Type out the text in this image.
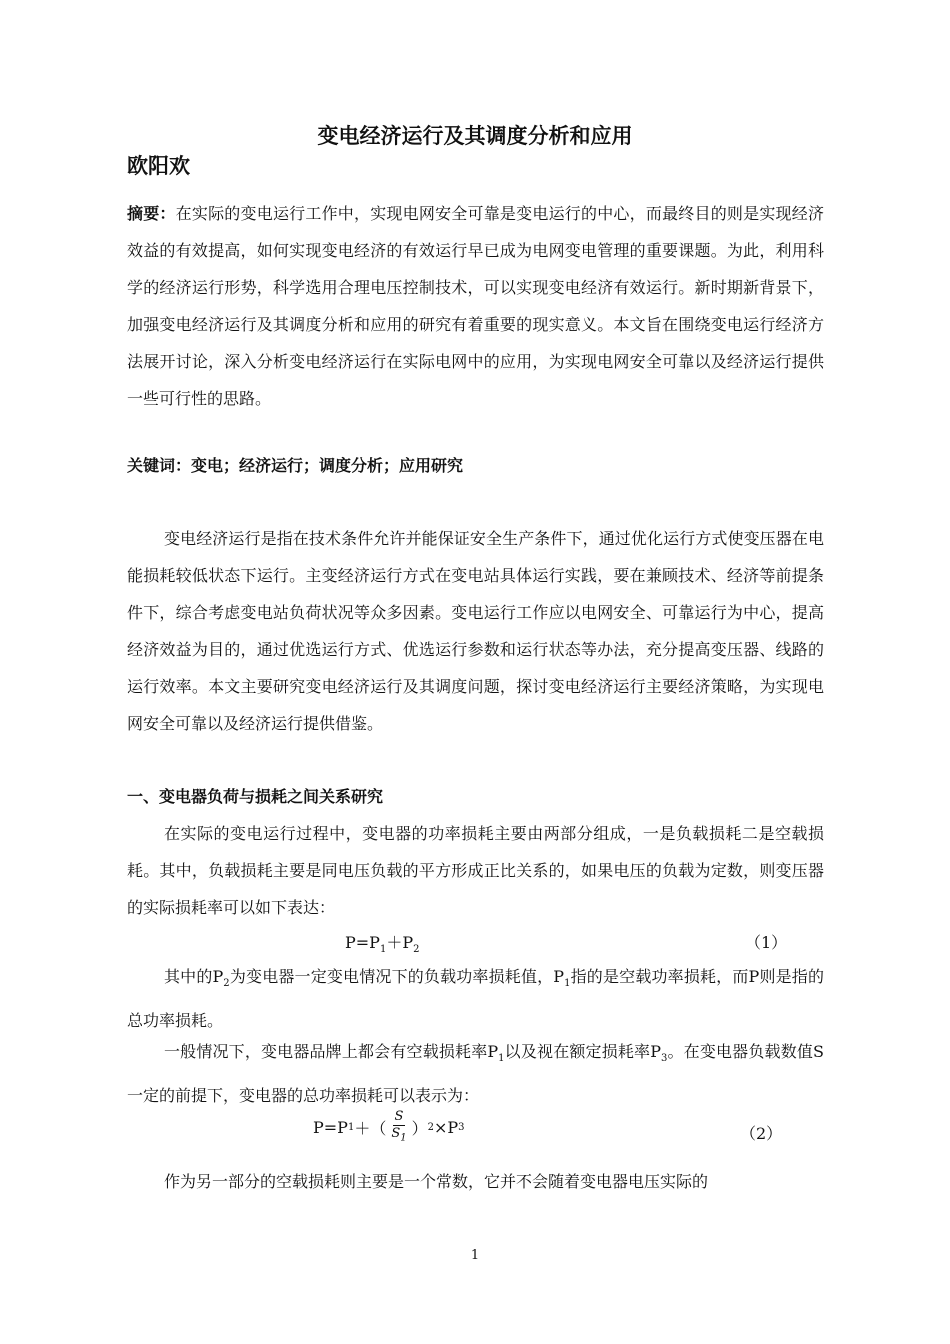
变电经济运行及其调度分析和应用
欧阳欢
摘要：在实际的变电运行工作中，实现电网安全可靠是变电运行的中心，而最终目的则是实现经济效益的有效提高，如何实现变电经济的有效运行早已成为电网变电管理的重要课题。为此，利用科学的经济运行形势，科学选用合理电压控制技术，可以实现变电经济有效运行。新时期新背景下，加强变电经济运行及其调度分析和应用的研究有着重要的现实意义。本文旨在围绕变电运行经济方法展开讨论，深入分析变电经济运行在实际电网中的应用，为实现电网安全可靠以及经济运行提供一些可行性的思路。
关键词：变电；经济运行；调度分析；应用研究
变电经济运行是指在技术条件允许并能保证安全生产条件下，通过优化运行方式使变压器在电能损耗较低状态下运行。主变经济运行方式在变电站具体运行实践，要在兼顾技术、经济等前提条件下，综合考虑变电站负荷状况等众多因素。变电运行工作应以电网安全、可靠运行为中心，提高经济效益为目的，通过优选运行方式、优选运行参数和运行状态等办法，充分提高变压器、线路的运行效率。本文主要研究变电经济运行及其调度问题，探讨变电经济运行主要经济策略，为实现电网安全可靠以及经济运行提供借鉴。
一、变电器负荷与损耗之间关系研究
在实际的变电运行过程中，变电器的功率损耗主要由两部分组成，一是负载损耗二是空载损耗。其中，负载损耗主要是同电压负载的平方形成正比关系的，如果电压的负载为定数，则变压器的实际损耗率可以如下表达：
$P=P_1+P_2$	（1）
其中的$P_2$为变电器一定变电情况下的负载功率损耗值，$P_1$指的是空载功率损耗，而P则是指的总功率损耗。
一般情况下，变电器品牌上都会有空载损耗率$P_1$以及视在额定损耗率$P_3$。在变电器负载数值S一定的前提下，变电器的总功率损耗可以表示为：
P=P 1 ＋（ $\frac{S}{S_1}$ ） 2 ×P 3	（2）
作为另一部分的空载损耗则主要是一个常数，它并不会随着变电器电压实际的
1
